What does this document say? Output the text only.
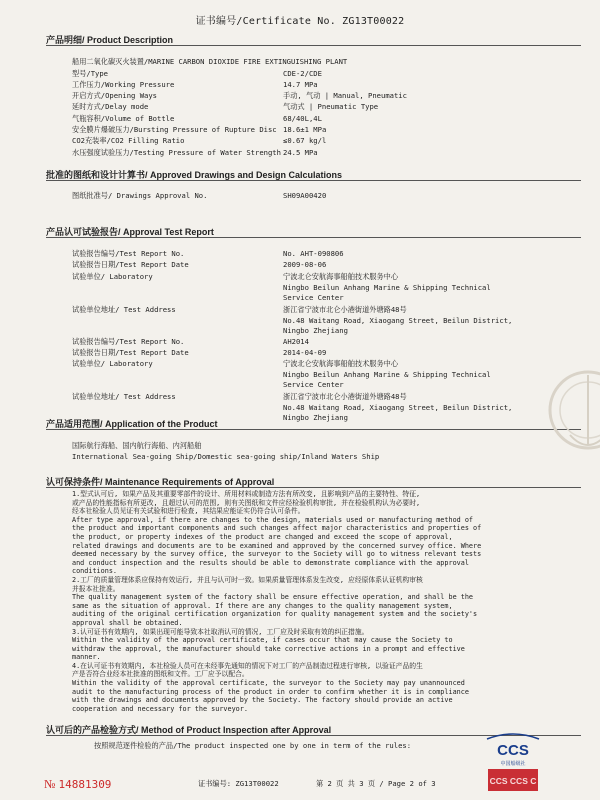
证书编号/Certificate No. ZG13T00022
产品明细/ Product Description
船用二氧化碳灭火装置/MARINE CARBON DIOXIDE FIRE EXTINGUISHING PLANT
型号/Type	CDE-2/CDE
工作压力/Working Pressure	14.7 MPa
开启方式/Opening Ways	手动, 气动 | Manual, Pneumatic
延时方式/Delay mode	气动式 | Pneumatic Type
气瓶容积/Volume of Bottle	68/40L,4L
安全膜片爆破压力/Bursting Pressure of Rupture Disc 18.6±1 MPa
CO2充装率/CO2 Filling Ratio	≤0.67 kg/l
水压强度试验压力/Testing Pressure of Water Strength 24.5 MPa
批准的图纸和设计计算书/ Approved Drawings and Design Calculations
图纸批准号/ Drawings Approval No.	SH09A00420
产品认可试验报告/ Approval Test Report
试验报告编号/Test Report No.	No. AHT-090806
试验报告日期/Test Report Date	2009-08-06
试验单位/ Laboratory	宁波北仑安航海事船舶技术服务中心
Ningbo Beilun Anhang Marine & Shipping Technical
Service Center
试验单位地址/ Test Address	浙江省宁波市北仑小港街道外塘路48号
No.48 Waitang Road, Xiaogang Street, Beilun District,
Ningbo Zhejiang
试验报告编号/Test Report No.	AH2014
试验报告日期/Test Report Date	2014-04-09
试验单位/ Laboratory	宁波北仑安航海事船舶技术服务中心
Ningbo Beilun Anhang Marine & Shipping Technical
Service Center
试验单位地址/ Test Address	浙江省宁波市北仑小港街道外塘路48号
No.48 Waitang Road, Xiaogang Street, Beilun District,
Ningbo Zhejiang
产品适用范围/ Application of the Product
国际航行海船、国内航行海船、内河船舶
International Sea-going Ship/Domestic sea-going ship/Inland Waters Ship
认可保持条件/ Maintenance Requirements of Approval
1.型式认可后, 如果产品及其重要零部件的设计、所用材料或制造方法有所改变, 且影响到产品的主要特性、特征,
或产品的性能指标有所更改, 且超过认可的范围, 则有关图纸和文件应经检验机构审批, 并在检验机构认为必要时,
经本社检验人员见证有关试验和进行检查, 其结果应能证实仍符合认可条件。
After type approval, if there are changes to the design, materials used or manufacturing method of
the product and important components and such changes affect major characteristics and properties of
the product, or property indexes of the product are changed and exceed the scope of approval,
related drawings and documents are to be examined and approved by the concerned survey office. Where
deemed necessary by the survey office, the surveyor to the Society will go to witness relevant tests
and conduct inspection and the results should be able to demonstrate compliance with the approval
conditions.
2.工厂的质量管理体系应保持有效运行, 并且与认可时一致。如果质量管理体系发生改变, 应经原体系认证机构审核
并报本社批准。
The quality management system of the factory shall be ensure effective operation, and shall be the
same as the situation of approval. If there are any changes to the quality management system,
auditing of the original certification organization for quality management system and the society's
approval shall be obtained.
3.认可证书有效期内, 如果出现可能导致本社取消认可的情况, 工厂应及时采取有效的纠正措施。
Within the validity of the approval certificate, if cases occur that may cause the Society to
withdraw the approval, the manufacturer should take corrective actions in a prompt and effective
manner.
4.在认可证书有效期内, 本社检验人员可在未经事先通知的情况下对工厂的产品制造过程进行审核, 以验证产品的生
产是否符合业经本社批准的图纸和文件。工厂应予以配合。
Within the validity of the approval certificate, the surveyor to the Society may pay unannounced
audit to the manufacturing process of the product in order to confirm whether it is in compliance
with the drawings and documents approved by the Society. The factory should provide an active
cooperation and necessary for the surveyor.
认可后的产品检验方式/ Method of Product Inspection after Approval
按照规范逐件检验的产品/The product inspected one by one in term of the rules:	CCS
中国船级社
CCS CCS C
№ 14881309	证书编号: ZG13T00022	第 2 页 共 3 页 / Page 2 of 3
